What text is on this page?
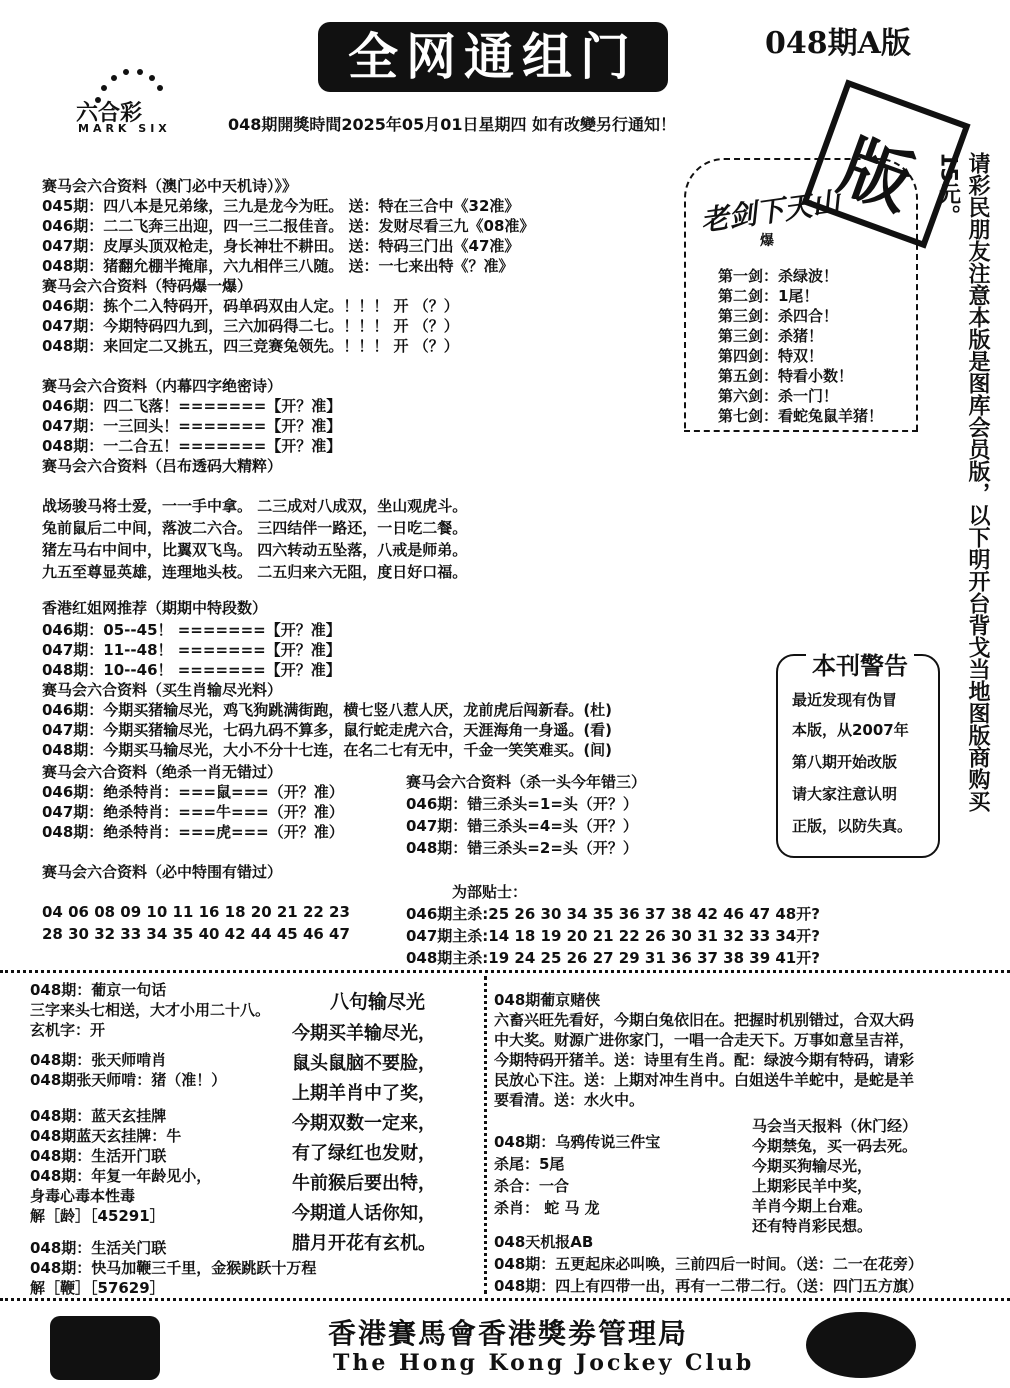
全网通组门	048期A版
六合彩
MARK SIX	048期開獎時間2025年05月01日星期四 如有改變另行通知！ 版
老剑下天山
爆
第一剑：杀绿波！
第二剑：1尾！
第三剑：杀四合！
第三剑：杀猪！
第四剑：特双！
第五剑：特看小数！
第六剑：杀一门！
第七剑：看蛇兔鼠羊猪！	请彩民朋友注意本版是图库会员版，以下明开台背戈当地图版商购买15元。
赛马会六合资料（澳门必中天机诗）》》
045期：四八本是兄弟缘，三九是龙今为旺。 送：特在三合中《32准》
046期：二二飞奔三出迎，四一三二报佳音。 送：发财尽看三九《08准》
047期：皮厚头顶双枪走，身长神壮不耕田。 送：特码三门出《47准》
048期：猪翻允棚半掩扉，六九相伴三八随。 送：一七来出特《？准》
赛马会六合资料（特码爆一爆）
046期：拣个二入特码开，码单码双由人定。！！！ 开 （？）
047期：今期特码四九到，三六加码得二七。！！！ 开 （？）
048期：来回定二又挑五，四三竞赛兔领先。！！！ 开 （？）
赛马会六合资料（内幕四字绝密诗）
046期：四二飞落！=======【开？准】
047期：一三回头！=======【开？准】
048期：一二合五！=======【开？准】
赛马会六合资料（吕布透码大精粹）
战场骏马将士爱，一一手中拿。 二三成对八成双，坐山观虎斗。
兔前鼠后二中间，落波二六合。 三四结伴一路还，一日吃二餐。
猪左马右中间中，比翼双飞鸟。 四六转动五坠落，八戒是师弟。
九五至尊显英雄，连理地头枝。 二五归来六无阻，度日好口福。
香港红姐网推荐（期期中特段数）
046期：05--45！ =======【开？准】
047期：11--48！ =======【开？准】
048期：10--46！ =======【开？准】
赛马会六合资料（买生肖输尽光料）
046期：今期买猪输尽光，鸡飞狗跳满街跑，横七竖八惹人厌，龙前虎后闯新春。(杜)
047期：今期买猪输尽光，七码九码不算多，鼠行蛇走虎六合，天涯海角一身遥。(看)
048期：今期买马输尽光，大小不分十七连，在名二七有无中，千金一笑笑难买。(间)
赛马会六合资料（绝杀一肖无错过）
046期：绝杀特肖：===鼠===（开？准）
047期：绝杀特肖：===牛===（开？准）
048期：绝杀特肖：===虎===（开？准）
赛马会六合资料（杀一头今年错三）
046期：错三杀头=1=头（开？）
047期：错三杀头=4=头（开？）
048期：错三杀头=2=头（开？）
本刊警告
最近发现有伪冒
本版，从2007年
第八期开始改版
请大家注意认明
正版，以防失真。
赛马会六合资料（必中特围有错过）
04 06 08 09 10 11 16 18 20 21 22 23
28 30 32 33 34 35 40 42 44 45 46 47
为部贴士：
046期主杀:25 26 30 34 35 36 37 38 42 46 47 48开?
047期主杀:14 18 19 20 21 22 26 30 31 32 33 34开?
048期主杀:19 24 25 26 27 29 31 36 37 38 39 41开?
048期：葡京一句话
三字来头七相送，大才小用二十八。
玄机字：开
048期：张天师啃肖
048期张天师啃：猪（准！）
048期：蓝天玄挂牌
048期蓝天玄挂牌：牛
048期：生活开门联
048期：年复一年龄见小，
身毒心毒本性毒
解［龄］［45291］
048期：生活关门联
048期：快马加鞭三千里，金猴跳跃十万程
解［鞭］［57629］
八句输尽光
今期买羊输尽光，
鼠头鼠脑不要脸，
上期羊肖中了奖，
今期双数一定来，
有了绿红也发财，
牛前猴后要出特，
今期道人话你知，
腊月开花有玄机。
048期葡京赌侠
六畜兴旺先看好，今期白兔依旧在。把握时机别错过，合双大码
中大奖。财源广进你家门，一唱一合走天下。万事如意呈吉祥，
今期特码开猪羊。送：诗里有生肖。配：绿波今期有特码，请彩
民放心下注。送：上期对冲生肖中。白姐送牛羊蛇中，是蛇是羊
要看清。送：水火中。
048期：乌鸦传说三件宝
杀尾：5尾
杀合：一合
杀肖： 蛇 马 龙
马会当天报料（休门经）
今期禁兔，买一码去死。
今期买狗输尽光，
上期彩民羊中奖，
羊肖今期上台难。
还有特肖彩民想。
048天机报AB
048期：五更起床必叫唤，三前四后一时间。（送：二一在花旁）
048期：四上有四带一出，再有一二带二行。（送：四门五方旗）
香港賽馬會香港獎劵管理局
The Hong Kong Jockey Club
